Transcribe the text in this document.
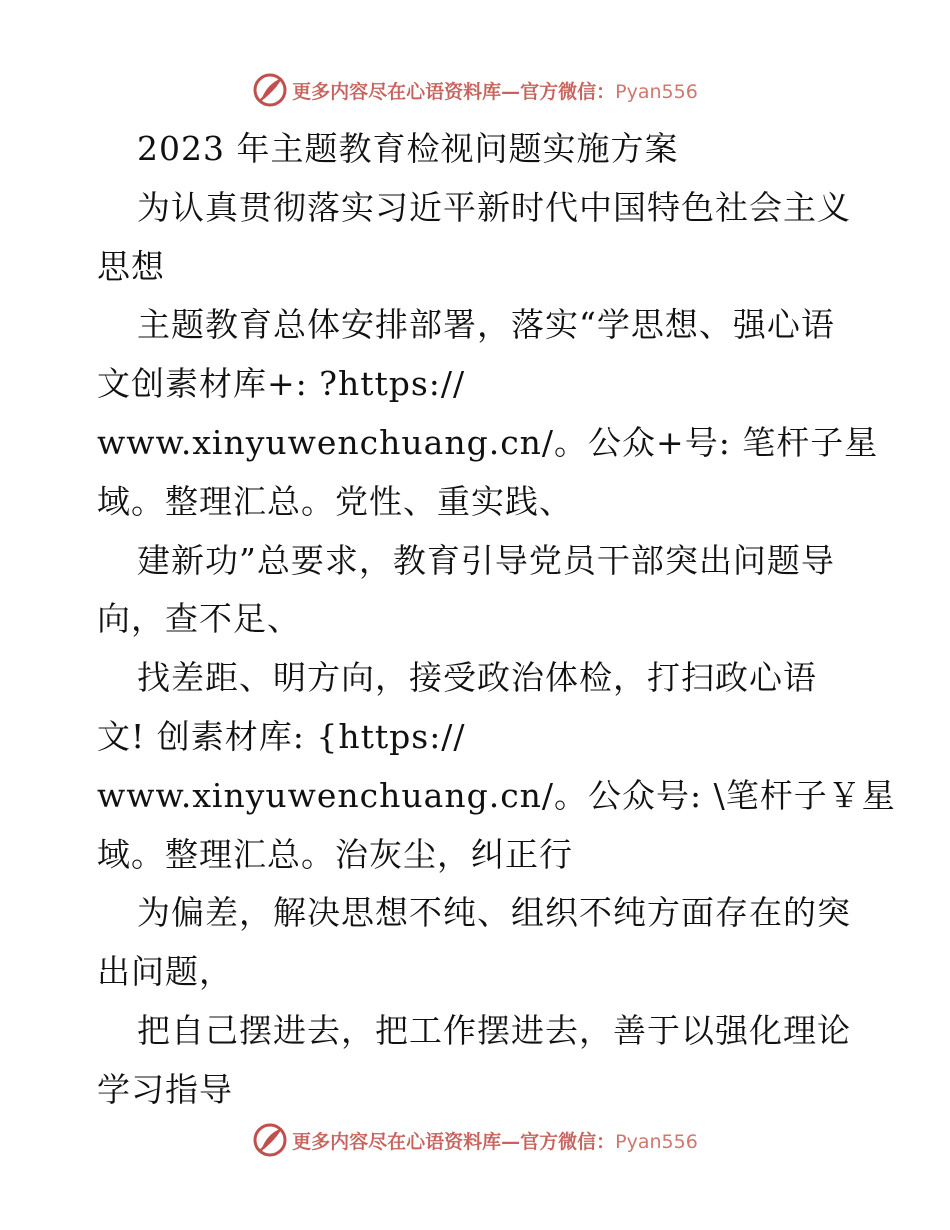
更多内容尽在心语资料库—官方微信：Pyan556
2023 年主题教育检视问题实施方案
为认真贯彻落实习近平新时代中国特色社会主义
思想
主题教育总体安排部署，落实“学思想、强心语
文创素材库+: ?https://
www.xinyuwenchuang.cn/。公众+号: 笔杆子星
域。整理汇总。党性、重实践、
建新功”总要求，教育引导党员干部突出问题导
向，查不足、
找差距、明方向，接受政治体检，打扫政心语
文! 创素材库: {https://
www.xinyuwenchuang.cn/。公众号: \笔杆子￥星
域。整理汇总。治灰尘，纠正行
为偏差，解决思想不纯、组织不纯方面存在的突
出问题，
把自己摆进去，把工作摆进去，善于以强化理论
学习指导
更多内容尽在心语资料库—官方微信：Pyan556
